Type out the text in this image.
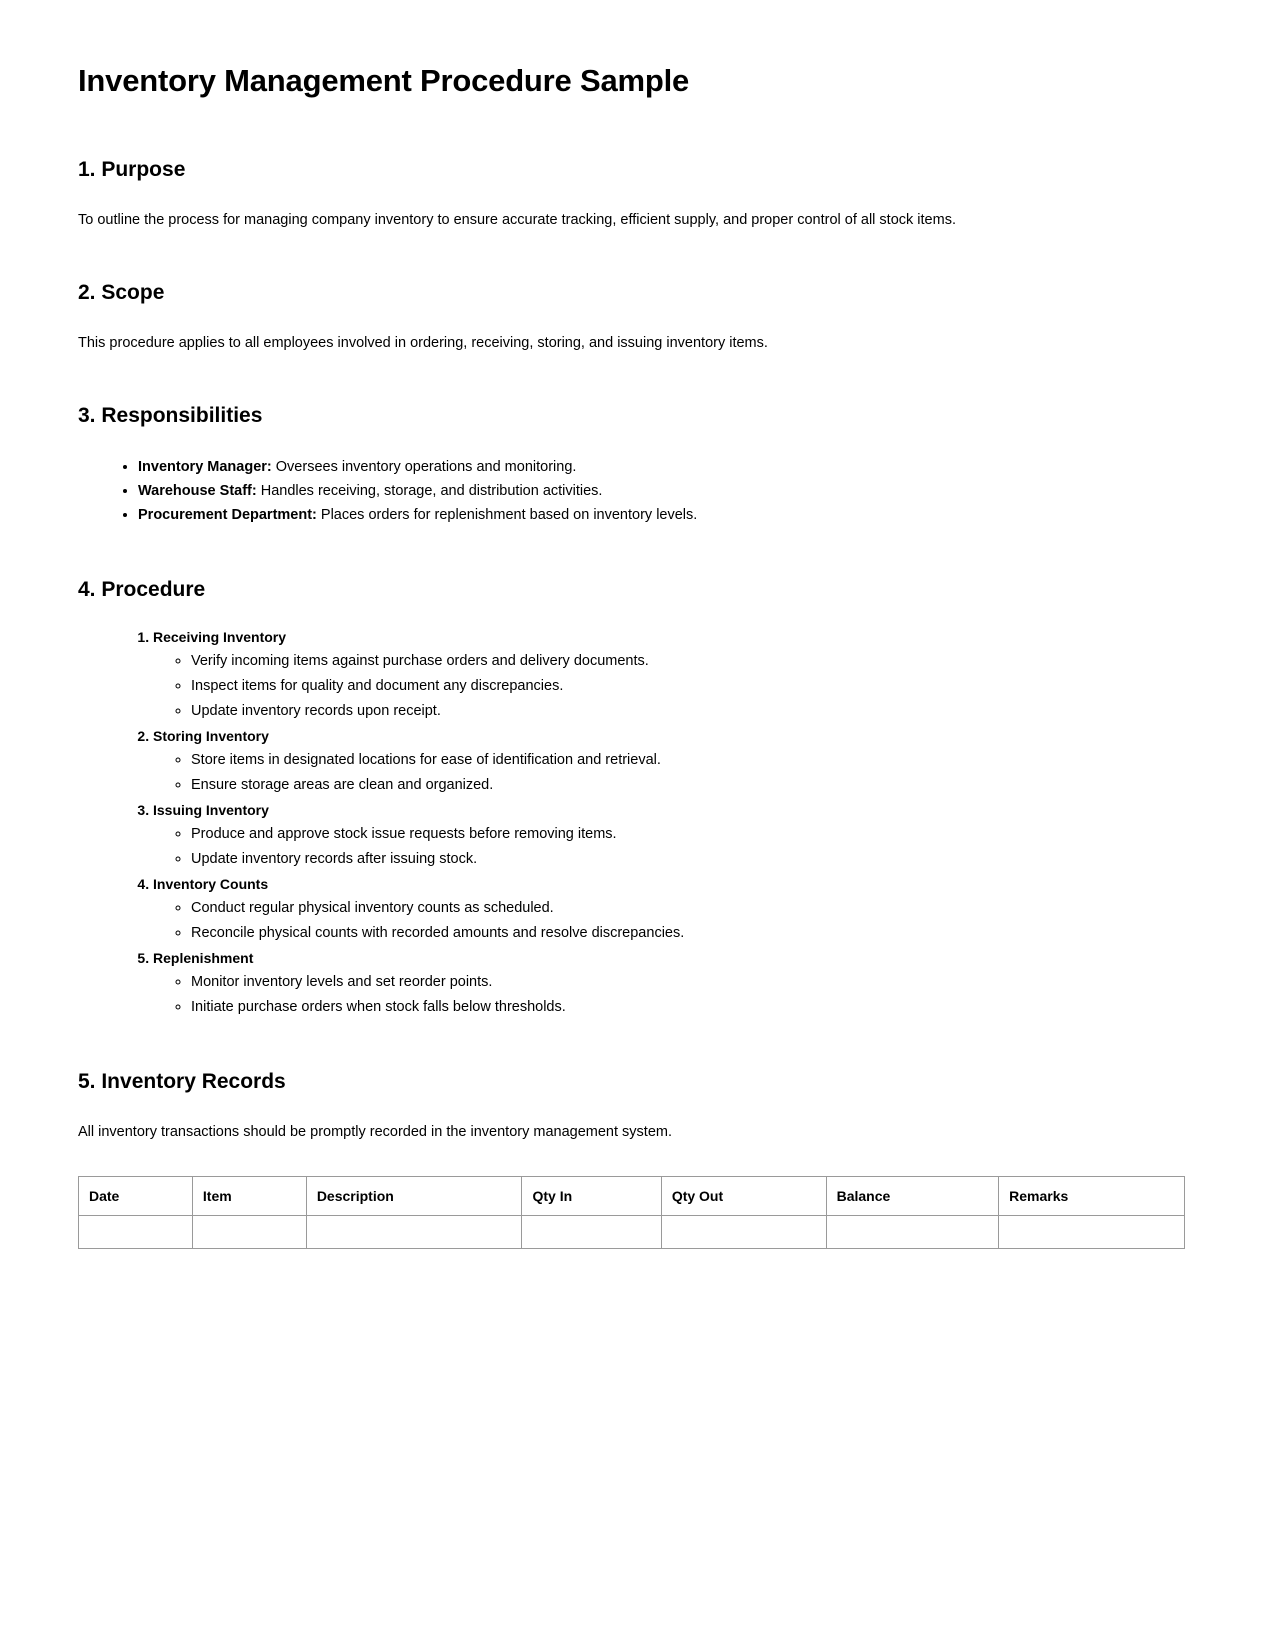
Inventory Management Procedure Sample
1. Purpose

To outline the process for managing company inventory to ensure accurate tracking, efficient supply, and proper control of all stock items.

2. Scope

This procedure applies to all employees involved in ordering, receiving, storing, and issuing inventory items.

3. Responsibilities
• Inventory Manager: Oversees inventory operations and monitoring.
• Warehouse Staff: Handles receiving, storage, and distribution activities.
• Procurement Department: Places orders for replenishment based on inventory levels.
4. Procedure
1. Receiving Inventory
◦ Verify incoming items against purchase orders and delivery documents.
◦ Inspect items for quality and document any discrepancies.
◦ Update inventory records upon receipt.
2. Storing Inventory
◦ Store items in designated locations for ease of identification and retrieval.
◦ Ensure storage areas are clean and organized.
3. Issuing Inventory
◦ Produce and approve stock issue requests before removing items.
◦ Update inventory records after issuing stock.
4. Inventory Counts
◦ Conduct regular physical inventory counts as scheduled.
◦ Reconcile physical counts with recorded amounts and resolve discrepancies.
5. Replenishment
◦ Monitor inventory levels and set reorder points.
◦ Initiate purchase orders when stock falls below thresholds.
5. Inventory Records

All inventory transactions should be promptly recorded in the inventory management system.

Date	Item	Description	Qty In	Qty Out	Balance	Remarks
